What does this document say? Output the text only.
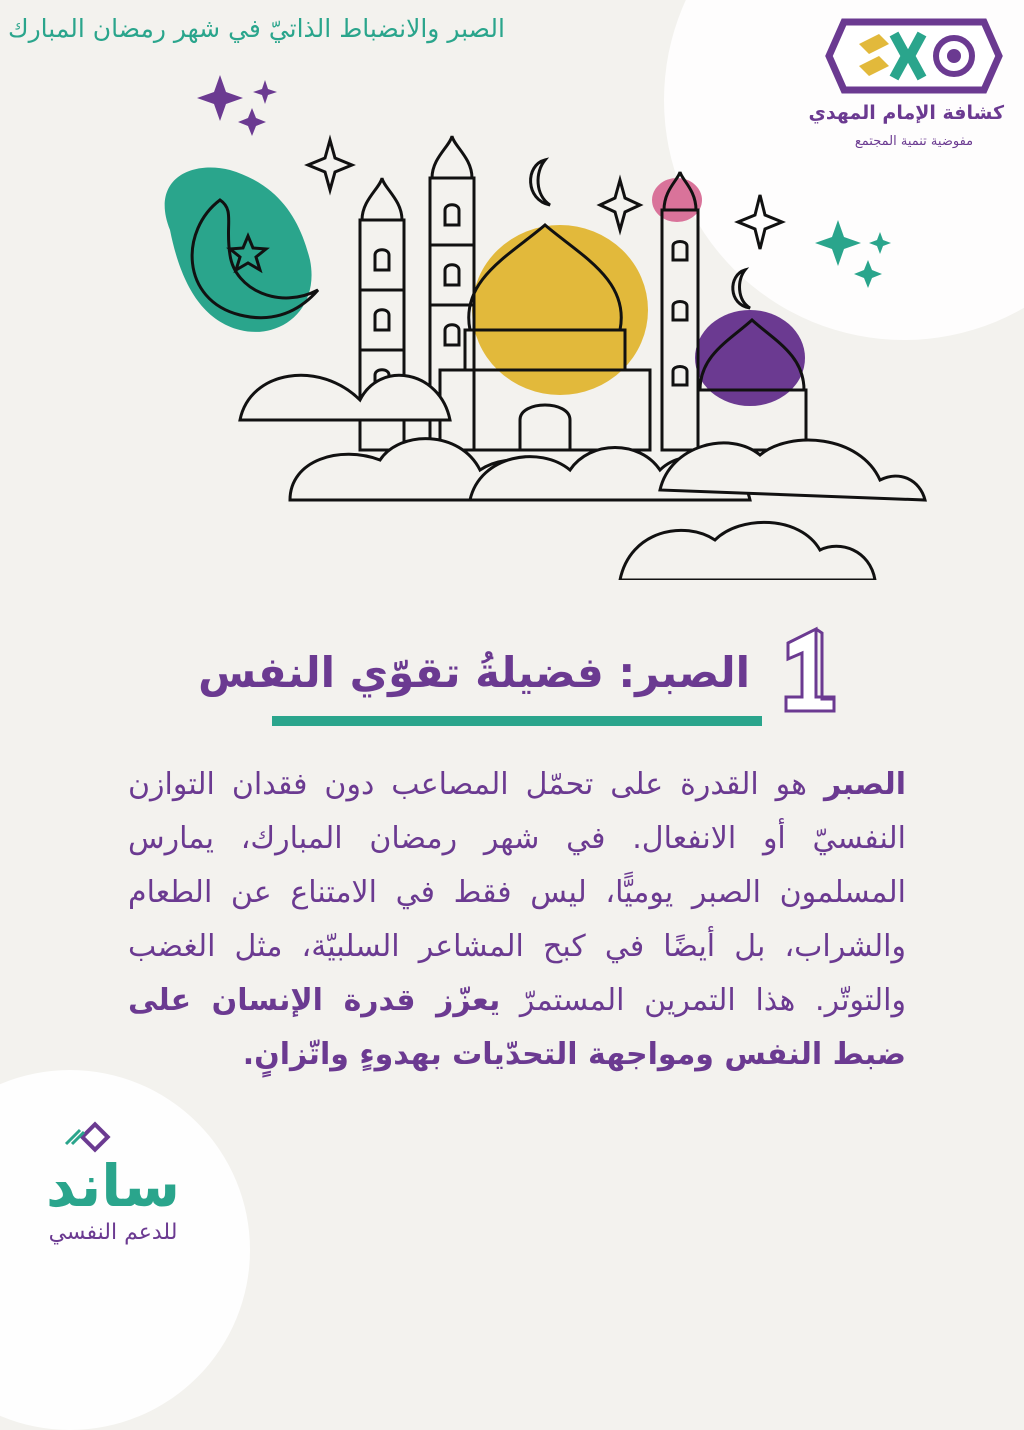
الصبر والانضباط الذاتيّ في شهر رمضان المبارك
كشافة الإمام المهدي
مفوضية تنمية المجتمع
الصبر: فضيلةُ تقوّي النفس
الصبر هو القدرة على تحمّل المصاعب دون فقدان التوازن النفسيّ أو الانفعال. في شهر رمضان المبارك، يمارس المسلمون الصبر يوميًّا، ليس فقط في الامتناع عن الطعام والشراب، بل أيضًا في كبح المشاعر السلبيّة، مثل الغضب والتوتّر. هذا التمرين المستمرّ يعزّز قدرة الإنسان على ضبط النفس ومواجهة التحدّيات بهدوءٍ واتّزانٍ.
ساند
للدعم النفسي
